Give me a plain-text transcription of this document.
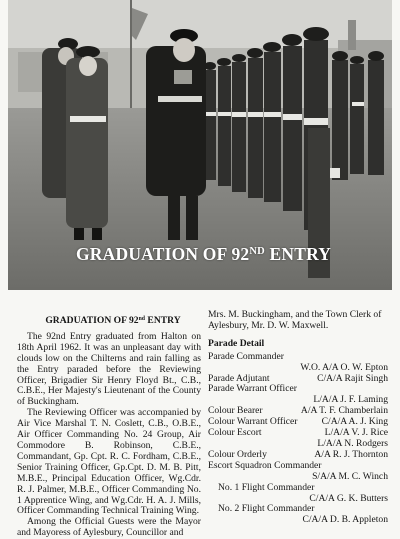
GRADUATION OF 92ND ENTRY
GRADUATION OF 92nd ENTRY

The 92nd Entry graduated from Halton on 18th April 1962. It was an unpleasant day with clouds low on the Chilterns and rain falling as the Entry paraded before the Reviewing Officer, Brigadier Sir Henry Floyd Bt., C.B., C.B.E., Her Majesty's Lieutenant of the County of Buckingham.

The Reviewing Officer was accompanied by Air Vice Marshal T. N. Coslett, C.B., O.B.E., Air Officer Commanding No. 24 Group, Air Commodore B. Robinson, C.B.E., Commandant, Gp. Cpt. R. C. Fordham, C.B.E., Senior Training Officer, Gp.Cpt. D. M. B. Pitt, M.B.E., Principal Education Officer, Wg.Cdr. R. J. Palmer, M.B.E., Officer Commanding No. 1 Apprentice Wing, and Wg.Cdr. H. A. J. Mills, Officer Commanding Technical Training Wing.

Among the Official Guests were the Mayor and Mayoress of Aylesbury, Councillor and

Mrs. M. Buckingham, and the Town Clerk of Aylesbury, Mr. D. W. Maxwell.

Parade Detail
Parade Commander
W.O. A/A O. W. Epton
Parade Adjutant	C/A/A Rajit Singh
Parade Warrant Officer
L/A/A J. F. Laming
Colour Bearer	A/A T. F. Chamberlain
Colour Warrant Officer	C/A/A A. J. King
Colour Escort	L/A/A V. J. Rice
L/A/A N. Rodgers
Colour Orderly	A/A R. J. Thornton
Escort Squadron Commander
S/A/A M. C. Winch
No. 1 Flight Commander
C/A/A G. K. Butters
No. 2 Flight Commander
C/A/A D. B. Appleton
